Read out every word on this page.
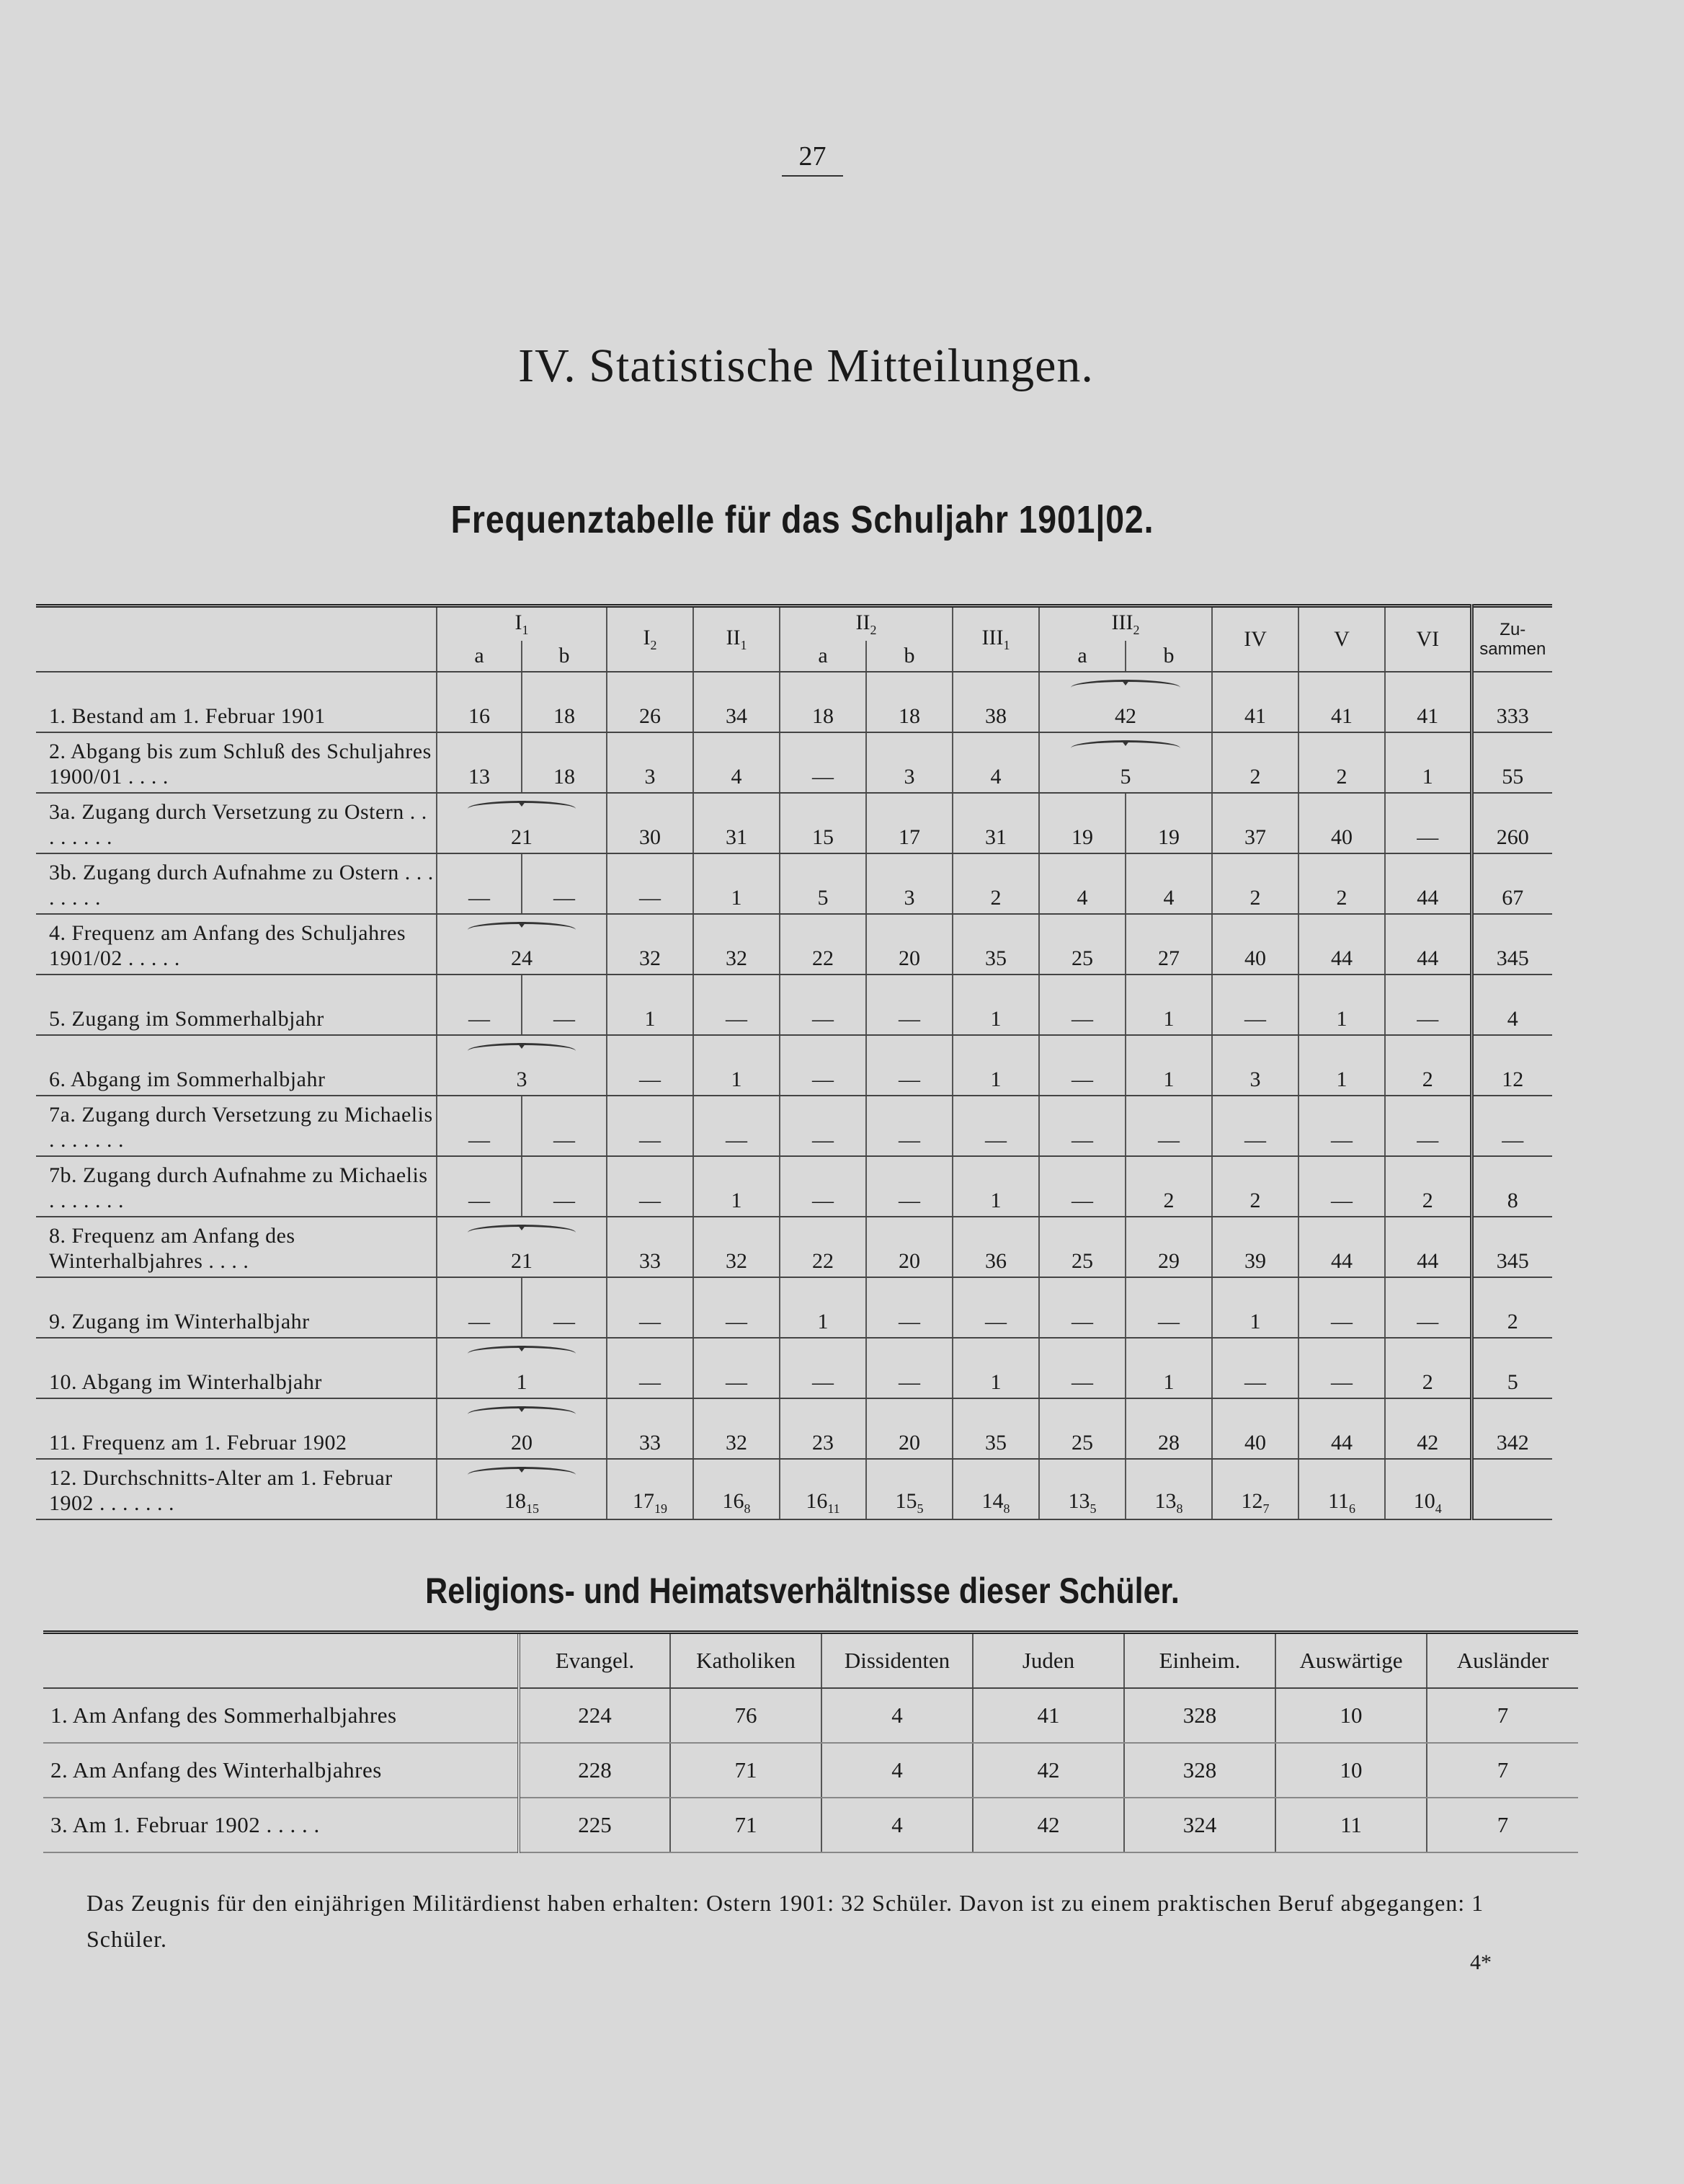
27
IV. Statistische Mitteilungen.
Frequenztabelle für das Schuljahr 1901|02.
	$I_1$		$I_2$	$II_1$	$II_2$		$III_1$	$III_2$		IV	V	VI	Zu-
sammen

	a	b			a	b		a	b				
1. Bestand am 1. Februar 1901	16	18	26	34	18	18	38	42		41	41	41	333
2. Abgang bis zum Schluß des Schuljahres 1900/01 . . . .	13	18	3	4	—	3	4	5		2	2	1	55
3a. Zugang durch Versetzung zu Ostern . . . . . . . .	21		30	31	15	17	31	19	19	37	40	—	260
3b. Zugang durch Aufnahme zu Ostern . . . . . . . .	—	—	—	1	5	3	2	4	4	2	2	44	67
4. Frequenz am Anfang des Schuljahres 1901/02 . . . . .	24		32	32	22	20	35	25	27	40	44	44	345
5. Zugang im Sommerhalbjahr	—	—	1	—	—	—	1	—	1	—	1	—	4
6. Abgang im Sommerhalbjahr	3		—	1	—	—	1	—	1	3	1	2	12
7a. Zugang durch Versetzung zu Michaelis . . . . . . .	—	—	—	—	—	—	—	—	—	—	—	—	—
7b. Zugang durch Aufnahme zu Michaelis . . . . . . .	—	—	—	1	—	—	1	—	2	2	—	2	8
8. Frequenz am Anfang des Winterhalbjahres . . . .	21		33	32	22	20	36	25	29	39	44	44	345
9. Zugang im Winterhalbjahr	—	—	—	—	1	—	—	—	—	1	—	—	2
10. Abgang im Winterhalbjahr	1		—	—	—	—	1	—	1	—	—	2	5
11. Frequenz am 1. Februar 1902	20		33	32	23	20	35	25	28	40	44	42	342
12. Durchschnitts-Alter am 1. Februar 1902 . . . . . . .	$18_{15}$		$17_{19}$	$16_8$	$16_{11}$	$15_5$	$14_8$	$13_5$	$13_8$	$12_7$	$11_6$	$10_4$	
Religions- und Heimatsverhältnisse dieser Schüler.
	Evangel.	Katholiken	Dissidenten	Juden	Einheim.	Auswärtige	Ausländer
1. Am Anfang des Sommerhalbjahres	224	76	4	41	328	10	7
2. Am Anfang des Winterhalbjahres	228	71	4	42	328	10	7
3. Am 1. Februar 1902 . . . . .	225	71	4	42	324	11	7
Das Zeugnis für den einjährigen Militärdienst haben erhalten: Ostern 1901: 32 Schüler. Davon ist zu einem praktischen Beruf abgegangen: 1 Schüler.
4*
